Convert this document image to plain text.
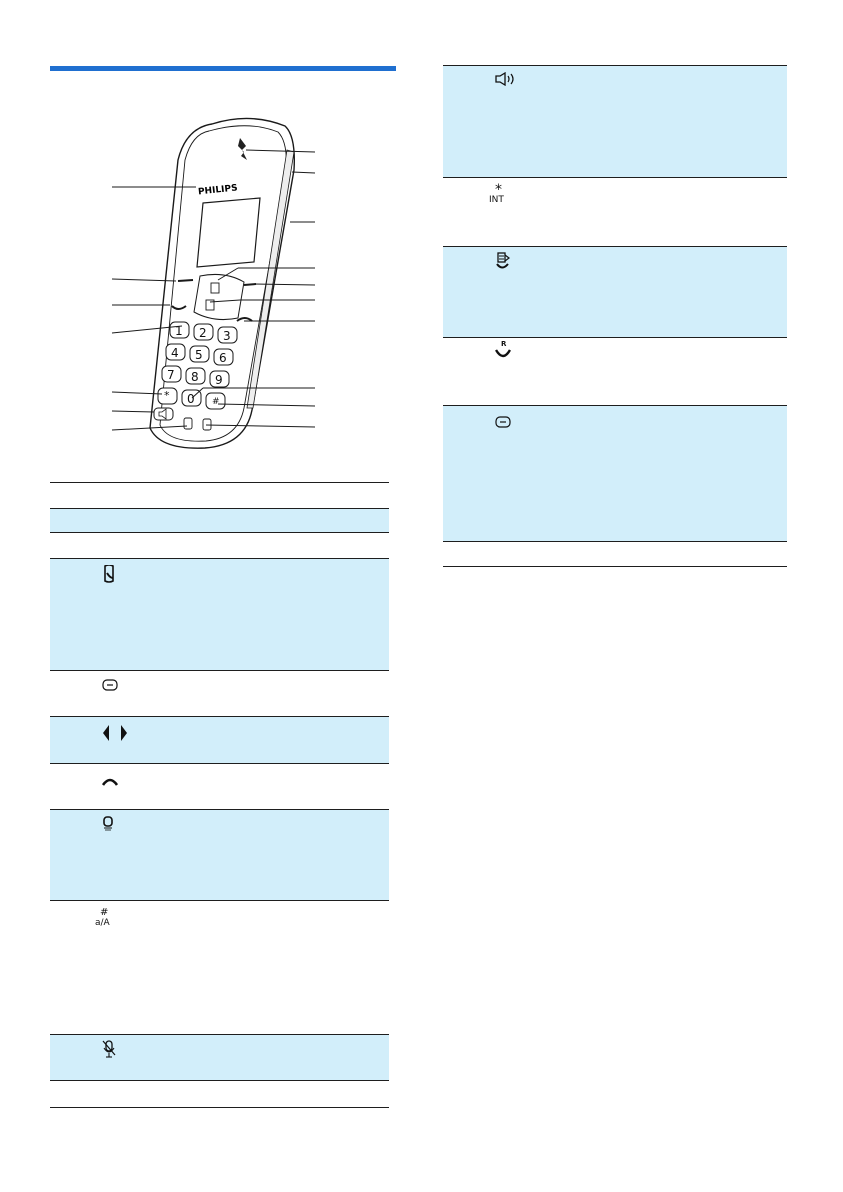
PHILIPS
1 2 3
4 5 6
7 8 9
* 0 #
#
a/A
*
INT
R
